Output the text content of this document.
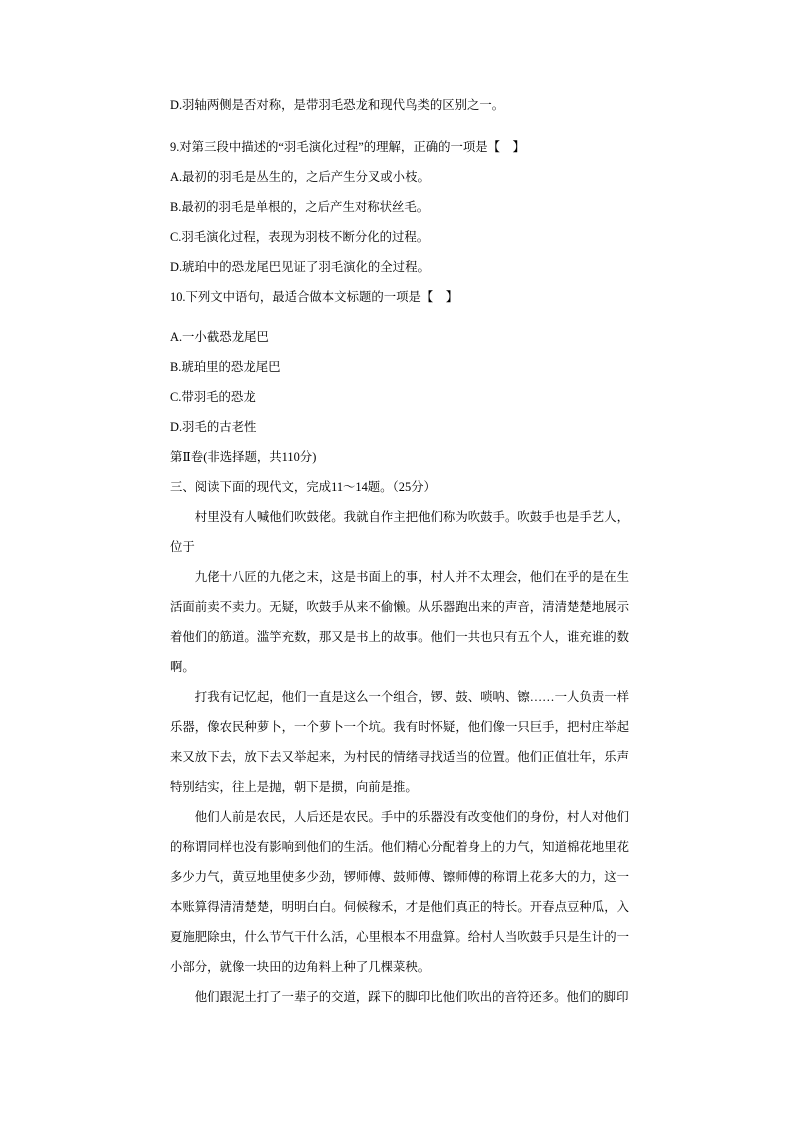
D.羽轴两侧是否对称，是带羽毛恐龙和现代鸟类的区别之一。
9.对第三段中描述的“羽毛演化过程”的理解，正确的一项是【　】
A.最初的羽毛是丛生的，之后产生分叉或小枝。
B.最初的羽毛是单根的，之后产生对称状丝毛。
C.羽毛演化过程，表现为羽枝不断分化的过程。
D.琥珀中的恐龙尾巴见证了羽毛演化的全过程。
10.下列文中语句，最适合做本文标题的一项是【　】
A.一小截恐龙尾巴
B.琥珀里的恐龙尾巴
C.带羽毛的恐龙
D.羽毛的古老性
第Ⅱ卷(非选择题，共110分)
三、阅读下面的现代文，完成11～14题。（25分）

村里没有人喊他们吹鼓佬。我就自作主把他们称为吹鼓手。吹鼓手也是手艺人，位于

九佬十八匠的九佬之末，这是书面上的事，村人并不太理会，他们在乎的是在生活面前卖不卖力。无疑，吹鼓手从来不偷懒。从乐器跑出来的声音，清清楚楚地展示着他们的筋道。滥竽充数，那又是书上的故事。他们一共也只有五个人，谁充谁的数啊。

打我有记忆起，他们一直是这么一个组合，锣、鼓、唢呐、镲……一人负责一样乐器，像农民种萝卜，一个萝卜一个坑。我有时怀疑，他们像一只巨手，把村庄举起来又放下去，放下去又举起来，为村民的情绪寻找适当的位置。他们正值壮年，乐声特别结实，往上是抛，朝下是掼，向前是推。

他们人前是农民，人后还是农民。手中的乐器没有改变他们的身份，村人对他们的称谓同样也没有影响到他们的生活。他们精心分配着身上的力气，知道棉花地里花多少力气，黄豆地里使多少劲，锣师傅、鼓师傅、镲师傅的称谓上花多大的力，这一本账算得清清楚楚，明明白白。伺候稼禾，才是他们真正的特长。开春点豆种瓜，入夏施肥除虫，什么节气干什么活，心里根本不用盘算。给村人当吹鼓手只是生计的一小部分，就像一块田的边角料上种了几棵菜秧。

他们跟泥土打了一辈子的交道，踩下的脚印比他们吹出的音符还多。他们的脚印
